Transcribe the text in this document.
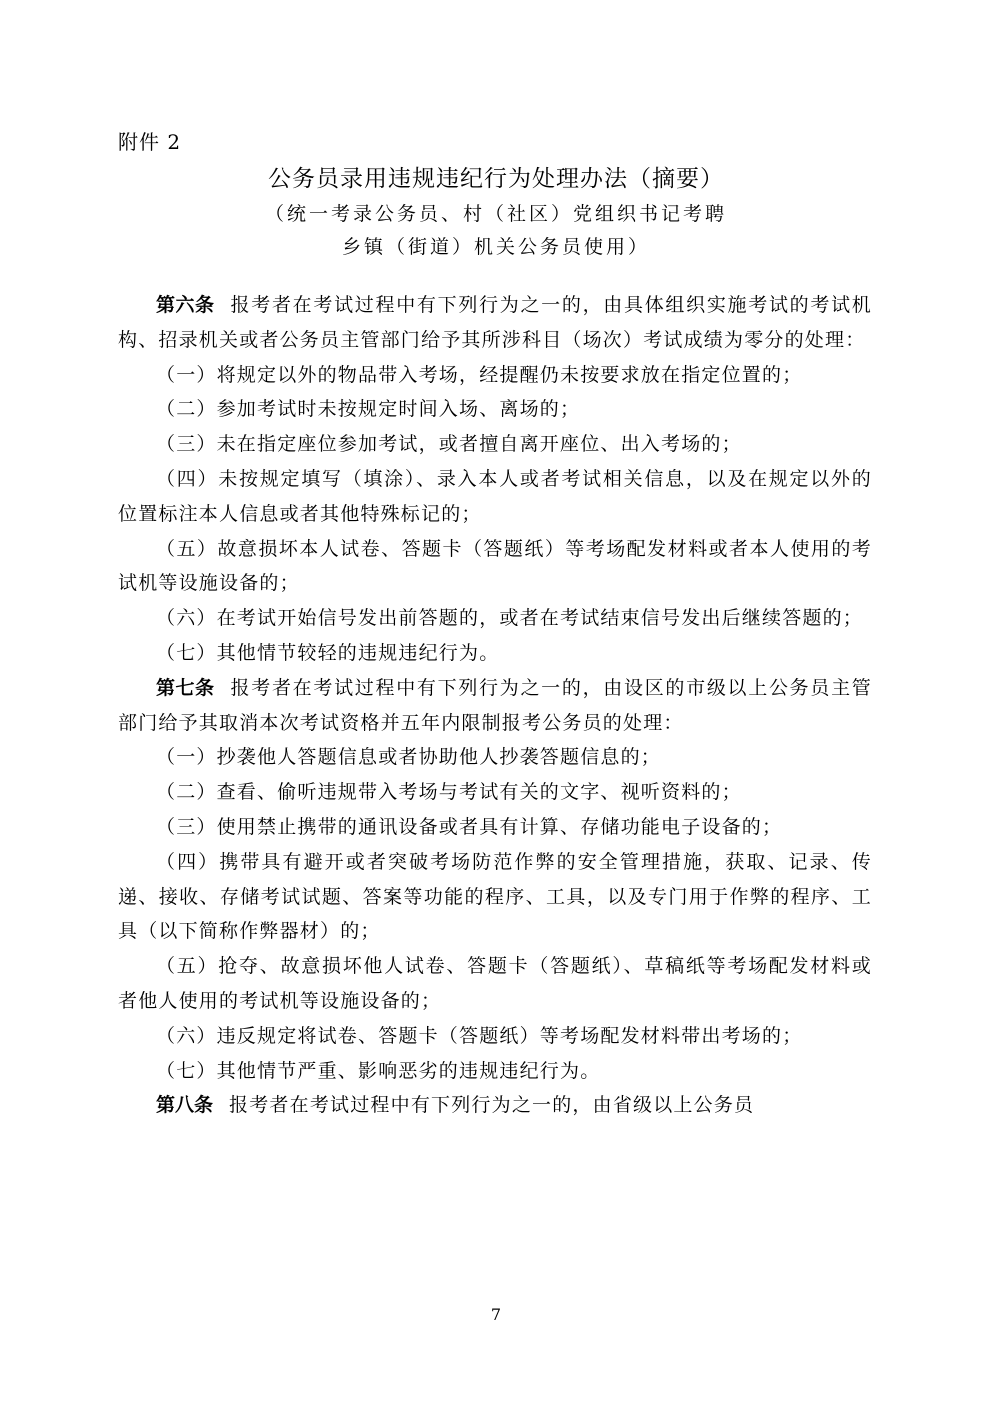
附件 2
公务员录用违规违纪行为处理办法（摘要）
（统一考录公务员、村（社区）党组织书记考聘
乡镇（街道）机关公务员使用）

第六条 报考者在考试过程中有下列行为之一的，由具体组织实施考试的考试机构、招录机关或者公务员主管部门给予其所涉科目（场次）考试成绩为零分的处理：

（一）将规定以外的物品带入考场，经提醒仍未按要求放在指定位置的；

（二）参加考试时未按规定时间入场、离场的；

（三）未在指定座位参加考试，或者擅自离开座位、出入考场的；

（四）未按规定填写（填涂）、录入本人或者考试相关信息，以及在规定以外的位置标注本人信息或者其他特殊标记的；

（五）故意损坏本人试卷、答题卡（答题纸）等考场配发材料或者本人使用的考试机等设施设备的；

（六）在考试开始信号发出前答题的，或者在考试结束信号发出后继续答题的；

（七）其他情节较轻的违规违纪行为。

第七条 报考者在考试过程中有下列行为之一的，由设区的市级以上公务员主管部门给予其取消本次考试资格并五年内限制报考公务员的处理：

（一）抄袭他人答题信息或者协助他人抄袭答题信息的；

（二）查看、偷听违规带入考场与考试有关的文字、视听资料的；

（三）使用禁止携带的通讯设备或者具有计算、存储功能电子设备的；

（四）携带具有避开或者突破考场防范作弊的安全管理措施，获取、记录、传递、接收、存储考试试题、答案等功能的程序、工具，以及专门用于作弊的程序、工具（以下简称作弊器材）的；

（五）抢夺、故意损坏他人试卷、答题卡（答题纸）、草稿纸等考场配发材料或者他人使用的考试机等设施设备的；

（六）违反规定将试卷、答题卡（答题纸）等考场配发材料带出考场的；

（七）其他情节严重、影响恶劣的违规违纪行为。

第八条 报考者在考试过程中有下列行为之一的，由省级以上公务员

7
